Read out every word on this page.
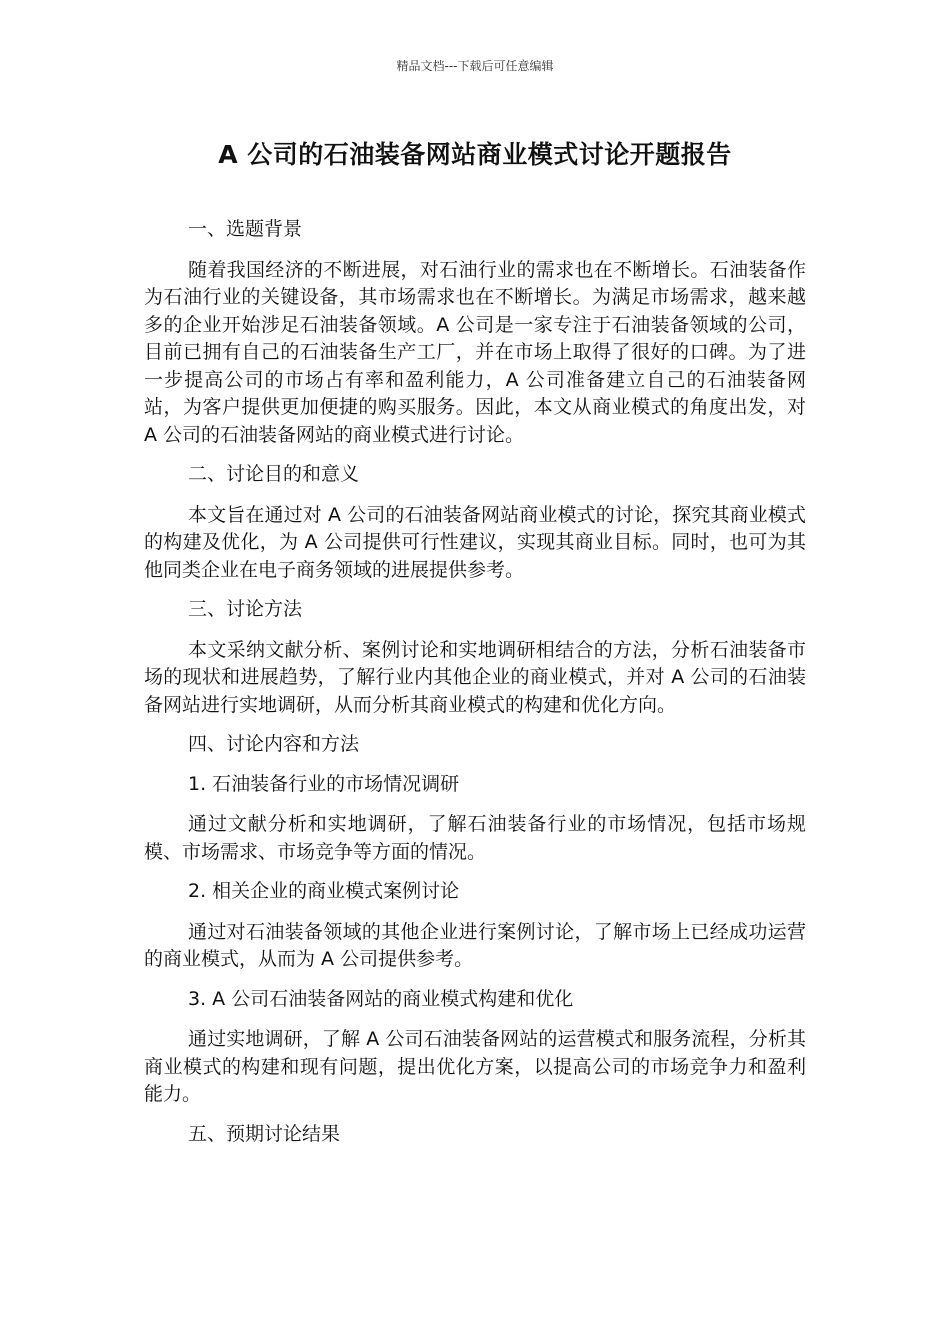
精品文档---下载后可任意编辑
A 公司的石油装备网站商业模式讨论开题报告

一、选题背景

随着我国经济的不断进展，对石油行业的需求也在不断增长。石油装备作为石油行业的关键设备，其市场需求也在不断增长。为满足市场需求，越来越多的企业开始涉足石油装备领域。A 公司是一家专注于石油装备领域的公司，目前已拥有自己的石油装备生产工厂，并在市场上取得了很好的口碑。为了进一步提高公司的市场占有率和盈利能力，A 公司准备建立自己的石油装备网站，为客户提供更加便捷的购买服务。因此，本文从商业模式的角度出发，对 A 公司的石油装备网站的商业模式进行讨论。

二、讨论目的和意义

本文旨在通过对 A 公司的石油装备网站商业模式的讨论，探究其商业模式的构建及优化，为 A 公司提供可行性建议，实现其商业目标。同时，也可为其他同类企业在电子商务领域的进展提供参考。

三、讨论方法

本文采纳文献分析、案例讨论和实地调研相结合的方法，分析石油装备市场的现状和进展趋势，了解行业内其他企业的商业模式，并对 A 公司的石油装备网站进行实地调研，从而分析其商业模式的构建和优化方向。

四、讨论内容和方法

1. 石油装备行业的市场情况调研

通过文献分析和实地调研，了解石油装备行业的市场情况，包括市场规模、市场需求、市场竞争等方面的情况。

2. 相关企业的商业模式案例讨论

通过对石油装备领域的其他企业进行案例讨论，了解市场上已经成功运营的商业模式，从而为 A 公司提供参考。

3. A 公司石油装备网站的商业模式构建和优化

通过实地调研，了解 A 公司石油装备网站的运营模式和服务流程，分析其商业模式的构建和现有问题，提出优化方案，以提高公司的市场竞争力和盈利能力。

五、预期讨论结果
